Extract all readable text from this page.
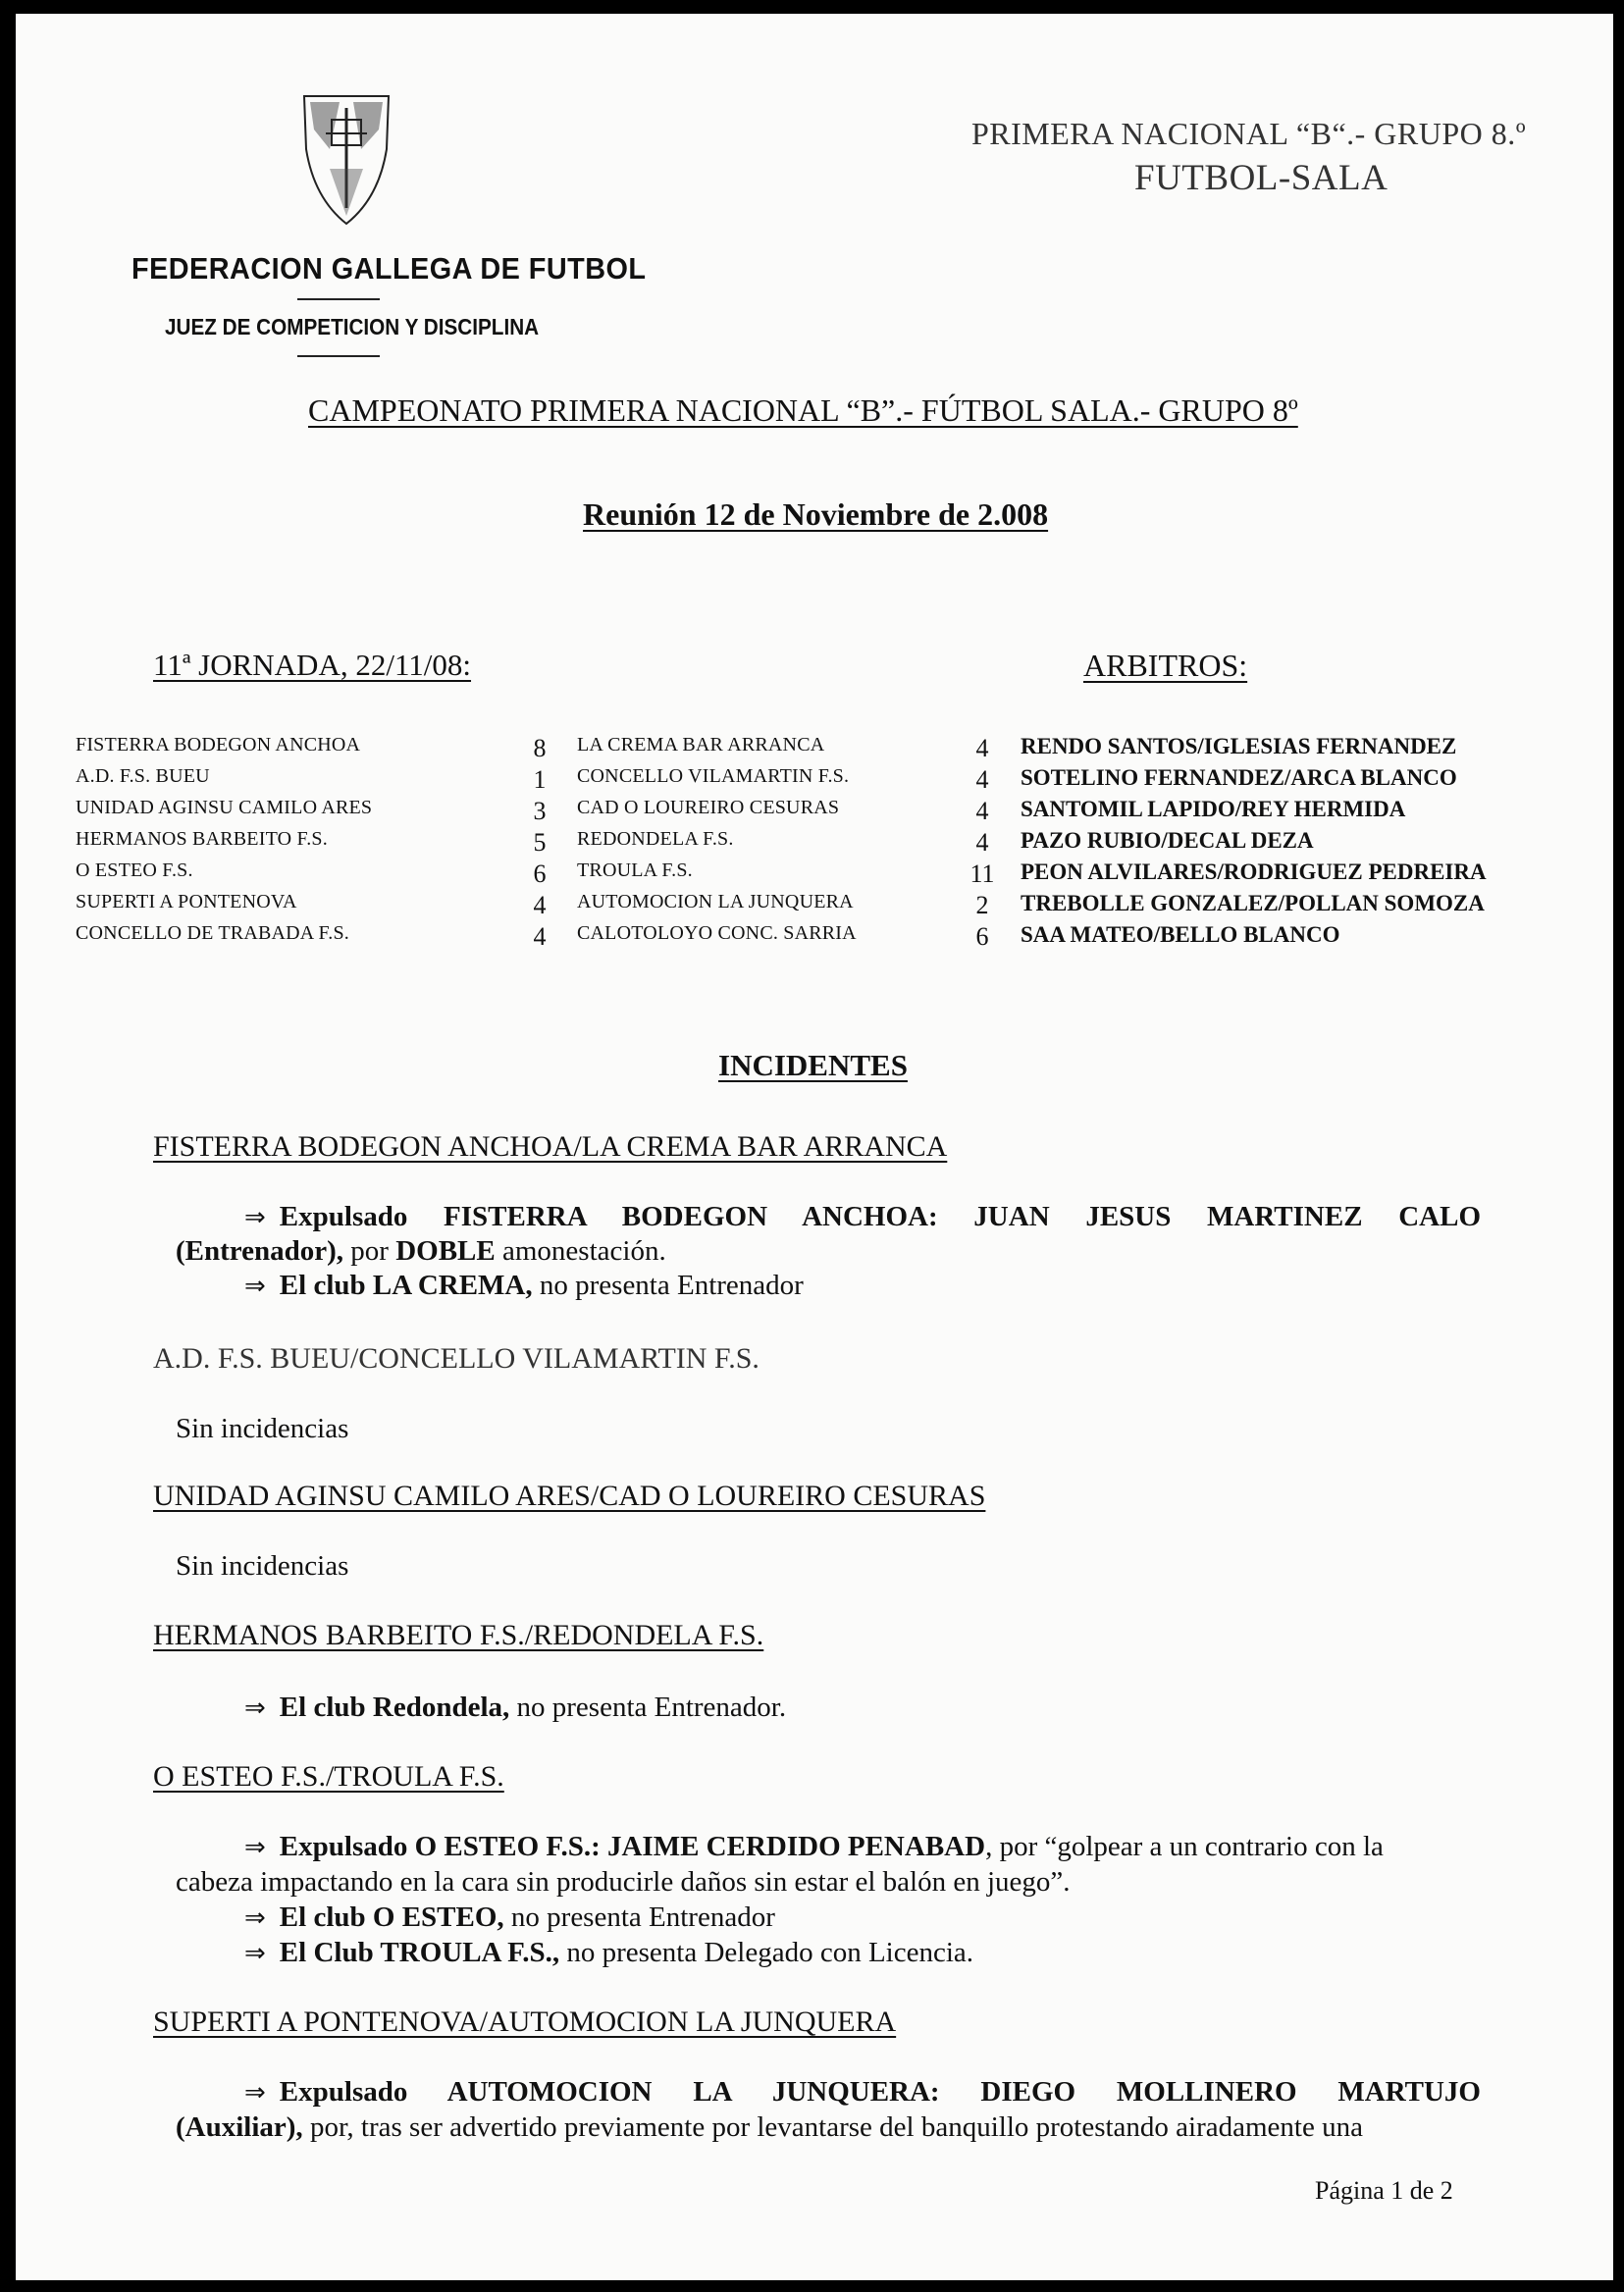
FEDERACION GALLEGA DE FUTBOL
JUEZ DE COMPETICION Y DISCIPLINA
PRIMERA NACIONAL “B“.- GRUPO 8.º
FUTBOL-SALA
CAMPEONATO PRIMERA NACIONAL “B”.- FÚTBOL SALA.- GRUPO 8º
Reunión 12 de Noviembre de 2.008
11ª JORNADA, 22/11/08:	ARBITROS:
FISTERRA BODEGON ANCHOA	8	LA CREMA BAR ARRANCA	4	RENDO SANTOS/IGLESIAS FERNANDEZ
A.D. F.S. BUEU	1	CONCELLO VILAMARTIN F.S.	4	SOTELINO FERNANDEZ/ARCA BLANCO
UNIDAD AGINSU CAMILO ARES	3	CAD O LOUREIRO CESURAS	4	SANTOMIL LAPIDO/REY HERMIDA
HERMANOS BARBEITO F.S.	5	REDONDELA F.S.	4	PAZO RUBIO/DECAL DEZA
O ESTEO F.S.	6	TROULA F.S.	11 PEON ALVILARES/RODRIGUEZ PEDREIRA
SUPERTI A PONTENOVA	4	AUTOMOCION LA JUNQUERA	2	TREBOLLE GONZALEZ/POLLAN SOMOZA
CONCELLO DE TRABADA F.S.	4	CALOTOLOYO CONC. SARRIA	6	SAA MATEO/BELLO BLANCO
INCIDENTES
FISTERRA BODEGON ANCHOA/LA CREMA BAR ARRANCA
⇒ Expulsado FISTERRA BODEGON ANCHOA: JUAN JESUS MARTINEZ CALO
(Entrenador), por DOBLE amonestación.
⇒ El club LA CREMA, no presenta Entrenador
A.D. F.S. BUEU/CONCELLO VILAMARTIN F.S.
Sin incidencias
UNIDAD AGINSU CAMILO ARES/CAD O LOUREIRO CESURAS
Sin incidencias
HERMANOS BARBEITO F.S./REDONDELA F.S.
⇒ El club Redondela, no presenta Entrenador.
O ESTEO F.S./TROULA F.S.
⇒ Expulsado O ESTEO F.S.: JAIME CERDIDO PENABAD, por “golpear a un contrario con la
cabeza impactando en la cara sin producirle daños sin estar el balón en juego”.
⇒ El club O ESTEO, no presenta Entrenador
⇒ El Club TROULA F.S., no presenta Delegado con Licencia.
SUPERTI A PONTENOVA/AUTOMOCION LA JUNQUERA
⇒ Expulsado AUTOMOCION LA JUNQUERA: DIEGO MOLLINERO MARTUJO
(Auxiliar), por, tras ser advertido previamente por levantarse del banquillo protestando airadamente una
Página 1 de 2
